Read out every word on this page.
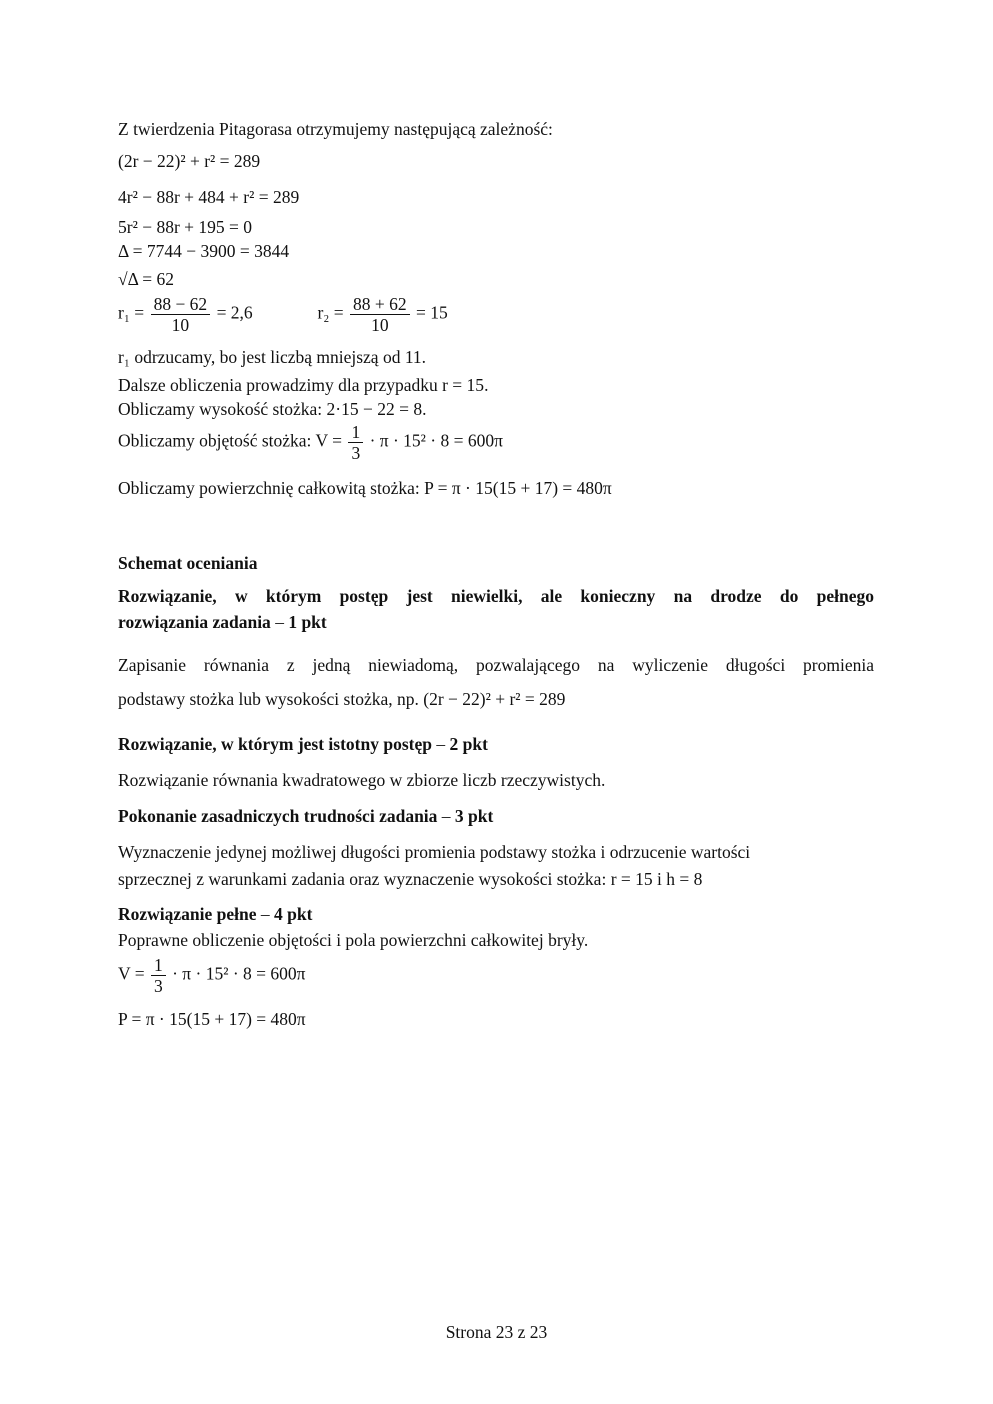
Z twierdzenia Pitagorasa otrzymujemy następującą zależność:
(2r − 22)² + r² = 289
4r² − 88r + 484 + r² = 289
5r² − 88r + 195 = 0
Δ = 7744 − 3900 = 3844
√Δ = 62
$r_1 = \frac{88 - 62}{10} = 2,6$	$r_2 = \frac{88 + 62}{10} = 15$
r₁ odrzucamy, bo jest liczbą mniejszą od 11.
Dalsze obliczenia prowadzimy dla przypadku r = 15.
Obliczamy wysokość stożka: 2·15 − 22 = 8.
Obliczamy objętość stożka: $V = \frac{1}{3} \cdot \pi \cdot 15^2 \cdot 8 = 600\pi$
Obliczamy powierzchnię całkowitą stożka: P = π · 15(15 + 17) = 480π
Schemat oceniania
Rozwiązanie, w którym postęp jest niewielki, ale konieczny na drodze do pełnego
rozwiązania zadania – 1 pkt
Zapisanie równania z jedną niewiadomą, pozwalającego na wyliczenie długości promienia
podstawy stożka lub wysokości stożka, np. (2r − 22)² + r² = 289
Rozwiązanie, w którym jest istotny postęp – 2 pkt
Rozwiązanie równania kwadratowego w zbiorze liczb rzeczywistych.
Pokonanie zasadniczych trudności zadania – 3 pkt
Wyznaczenie jedynej możliwej długości promienia podstawy stożka i odrzucenie wartości
sprzecznej z warunkami zadania oraz wyznaczenie wysokości stożka: r = 15 i h = 8
Rozwiązanie pełne – 4 pkt
Poprawne obliczenie objętości i pola powierzchni całkowitej bryły.
$V = \frac{1}{3} \cdot \pi \cdot 15^2 \cdot 8 = 600\pi$
P = π · 15(15 + 17) = 480π
Strona 23 z 23
